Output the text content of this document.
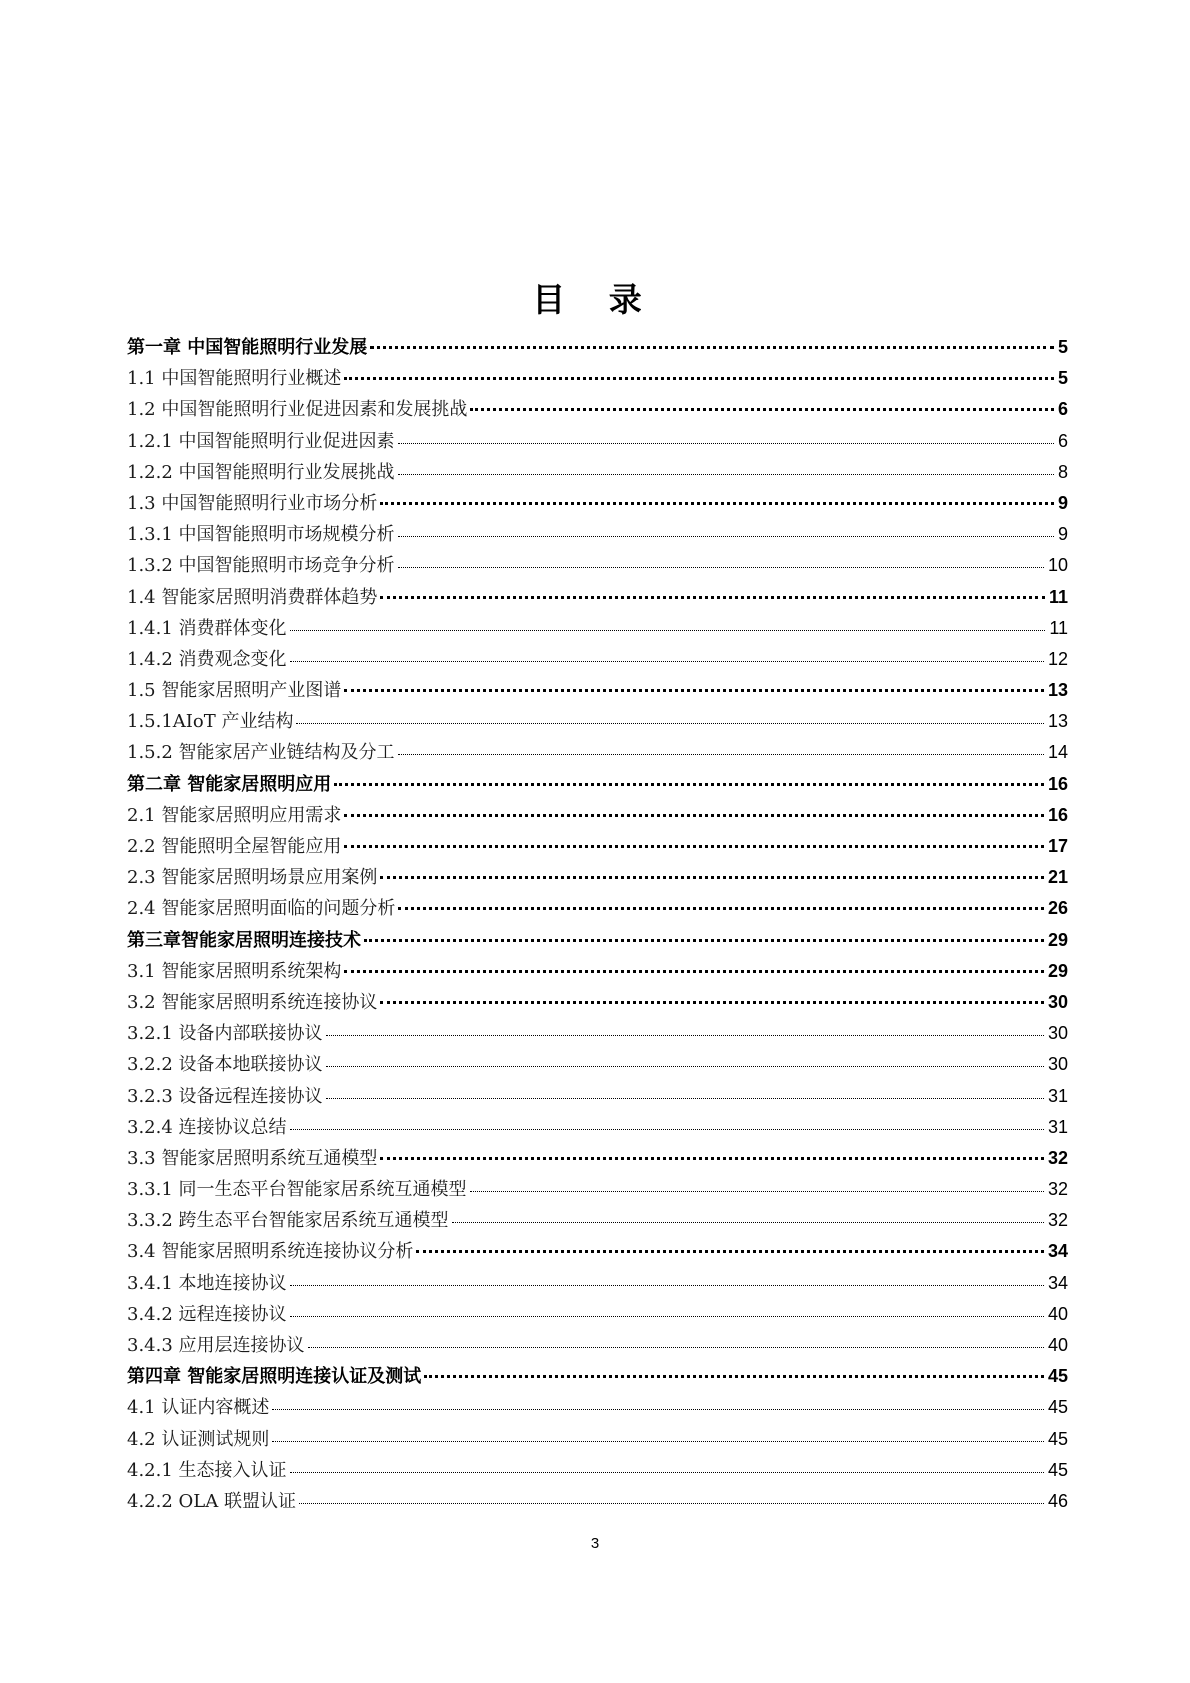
目 录
第一章 中国智能照明行业发展	5
1.1 中国智能照明行业概述	5
1.2 中国智能照明行业促进因素和发展挑战	6
1.2.1 中国智能照明行业促进因素	6
1.2.2 中国智能照明行业发展挑战	8
1.3 中国智能照明行业市场分析	9
1.3.1 中国智能照明市场规模分析	9
1.3.2 中国智能照明市场竞争分析	10
1.4 智能家居照明消费群体趋势	11
1.4.1 消费群体变化	11
1.4.2 消费观念变化	12
1.5 智能家居照明产业图谱	13
1.5.1AIoT 产业结构	13
1.5.2 智能家居产业链结构及分工	14
第二章 智能家居照明应用	16
2.1 智能家居照明应用需求	16
2.2 智能照明全屋智能应用	17
2.3 智能家居照明场景应用案例	21
2.4 智能家居照明面临的问题分析	26
第三章智能家居照明连接技术	29
3.1 智能家居照明系统架构	29
3.2 智能家居照明系统连接协议	30
3.2.1 设备内部联接协议	30
3.2.2 设备本地联接协议	30
3.2.3 设备远程连接协议	31
3.2.4 连接协议总结	31
3.3 智能家居照明系统互通模型	32
3.3.1 同一生态平台智能家居系统互通模型	32
3.3.2 跨生态平台智能家居系统互通模型	32
3.4 智能家居照明系统连接协议分析	34
3.4.1 本地连接协议	34
3.4.2 远程连接协议	40
3.4.3 应用层连接协议	40
第四章 智能家居照明连接认证及测试	45
4.1 认证内容概述	45
4.2 认证测试规则	45
4.2.1 生态接入认证	45
4.2.2 OLA 联盟认证	46
3
